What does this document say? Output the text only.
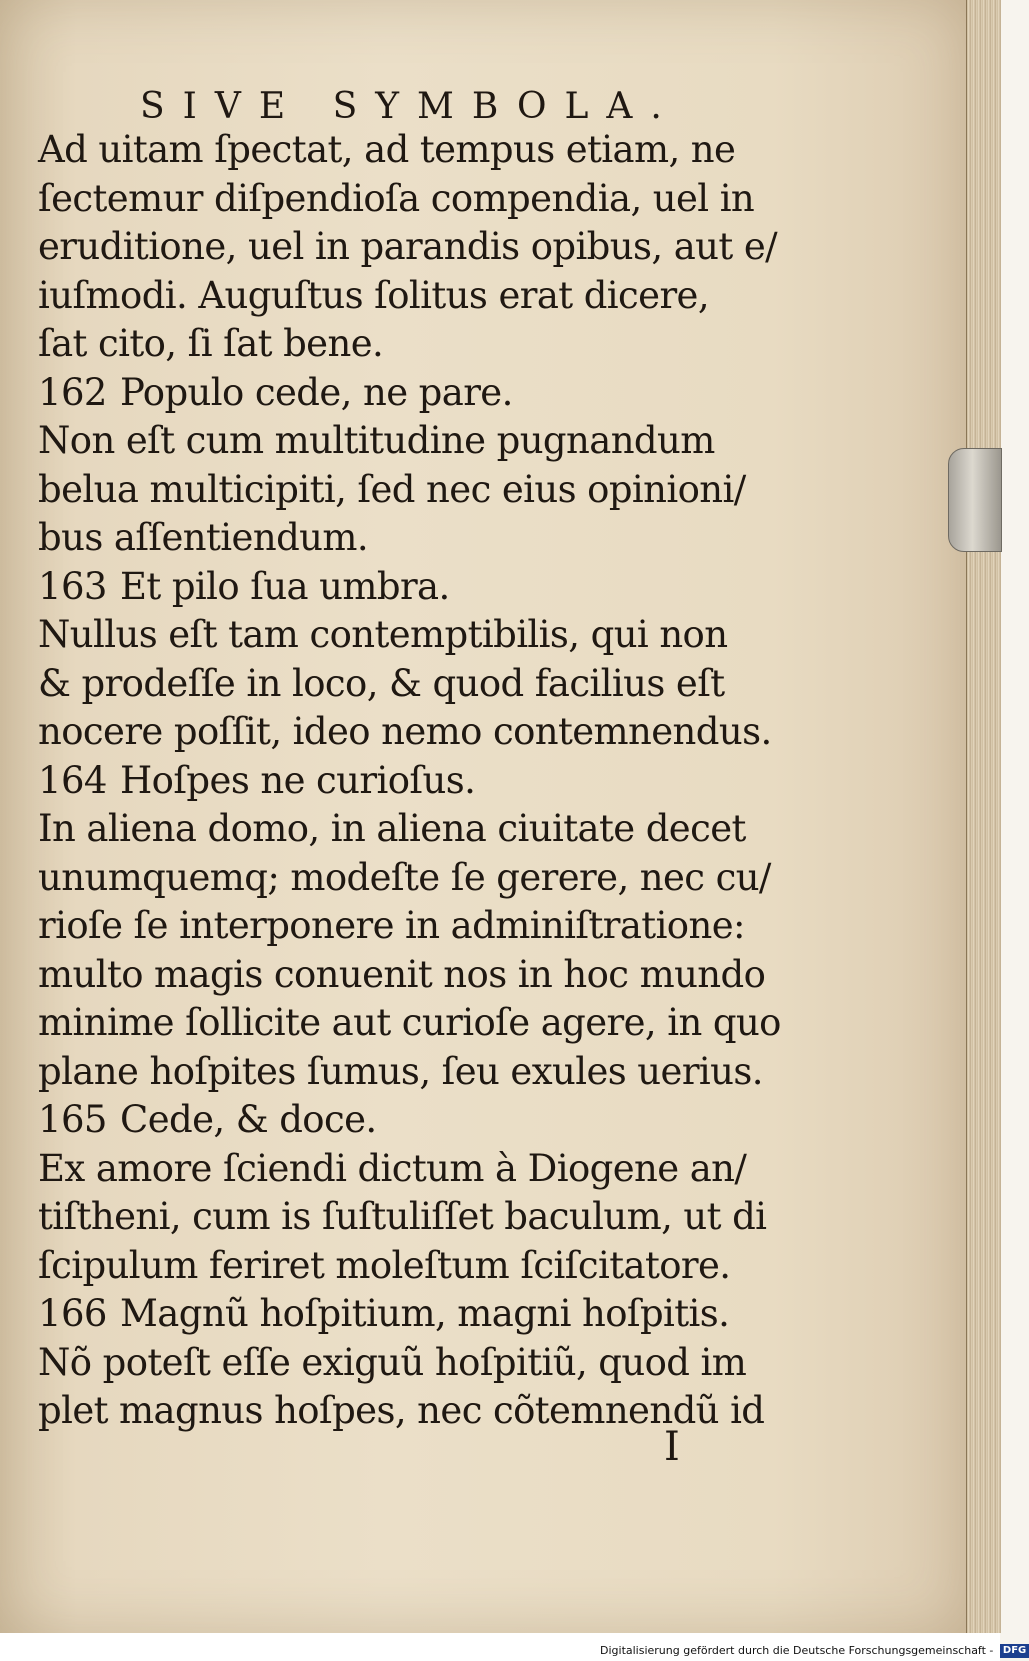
SIVE SYMBOLA.

Ad uitam ſpectat, ad tempus etiam, ne
ſectemur diſpendioſa compendia, uel in
eruditione, uel in parandis opibus, aut e/
iuſmodi. Auguſtus ſolitus erat dicere,
ſat cito, ſi ſat bene.
162 Populo cede, ne pare.
Non eſt cum multitudine pugnandum
belua multicipiti, ſed nec eius opinioni/
bus aſſentiendum.
163 Et pilo ſua umbra.
Nullus eſt tam contemptibilis, qui non
& prodeſſe in loco, & quod facilius eſt
nocere poſſit, ideo nemo contemnendus.
164 Hoſpes ne curioſus.
In aliena domo, in aliena ciuitate decet
unumquemq; modeſte ſe gerere, nec cu/
rioſe ſe interponere in adminiſtratione:
multo magis conuenit nos in hoc mundo
minime ſollicite aut curioſe agere, in quo
plane hoſpites ſumus, ſeu exules uerius.
165 Cede, & doce.
Ex amore ſciendi dictum à Diogene an/
tiſtheni, cum is ſuſtuliſſet baculum, ut di
ſcipulum feriret moleſtum ſciſcitatore.
166 Magnũ hoſpitium, magni hoſpitis.
Nõ poteſt eſſe exiguũ hoſpitiũ, quod im
plet magnus hoſpes, nec cõtemnendũ id

I

Digitalisierung gefördert durch die Deutsche Forschungsgemeinschaft - DFG
